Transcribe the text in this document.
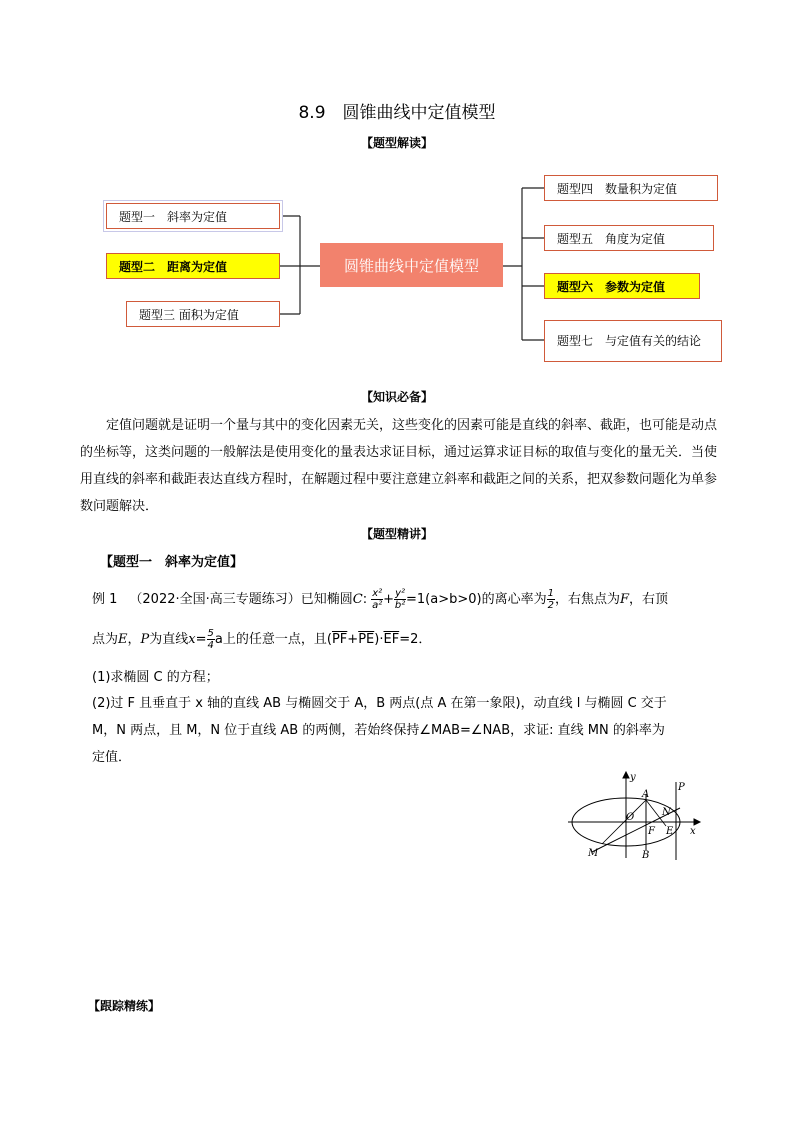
8.9　圆锥曲线中定值模型
【题型解读】
题型一　斜率为定值
题型二　距离为定值
题型三 面积为定值
圆锥曲线中定值模型
题型四　数量积为定值
题型五　角度为定值
题型六　参数为定值
题型七　与定值有关的结论
【知识必备】
定值问题就是证明一个量与其中的变化因素无关，这些变化的因素可能是直线的斜率、截距，也可能是动点的坐标等，这类问题的一般解法是使用变化的量表达求证目标，通过运算求证目标的取值与变化的量无关．当使用直线的斜率和截距表达直线方程时，在解题过程中要注意建立斜率和截距之间的关系，把双参数问题化为单参数问题解决．
【题型精讲】
【题型一　斜率为定值】
例 1 （2022·全国·高三专题练习）已知椭圆C: $\frac{\text{x²}}{\text{a²}} + \frac{\text{y²}}{\text{b²}} =1(a>b>0)$的离心率为 $\frac{1}{2}$ ，右焦点为F，右顶
点为E，P为直线$x= \frac{5}{4}$ a上的任意一点，且$(\overline{PF}+\overline{PE})\cdot\overline{EF}=2$．
(1)求椭圆 C 的方程；
(2)过 F 且垂直于 x 轴的直线 AB 与椭圆交于 A，B 两点(点 A 在第一象限)，动直线 l 与椭圆 C 交于
M，N 两点，且 M，N 位于直线 AB 的两侧，若始终保持∠MAB=∠NAB，求证: 直线 MN 的斜率为
定值．
y
x
O
A
N
P
F E
B
M
【跟踪精练】
